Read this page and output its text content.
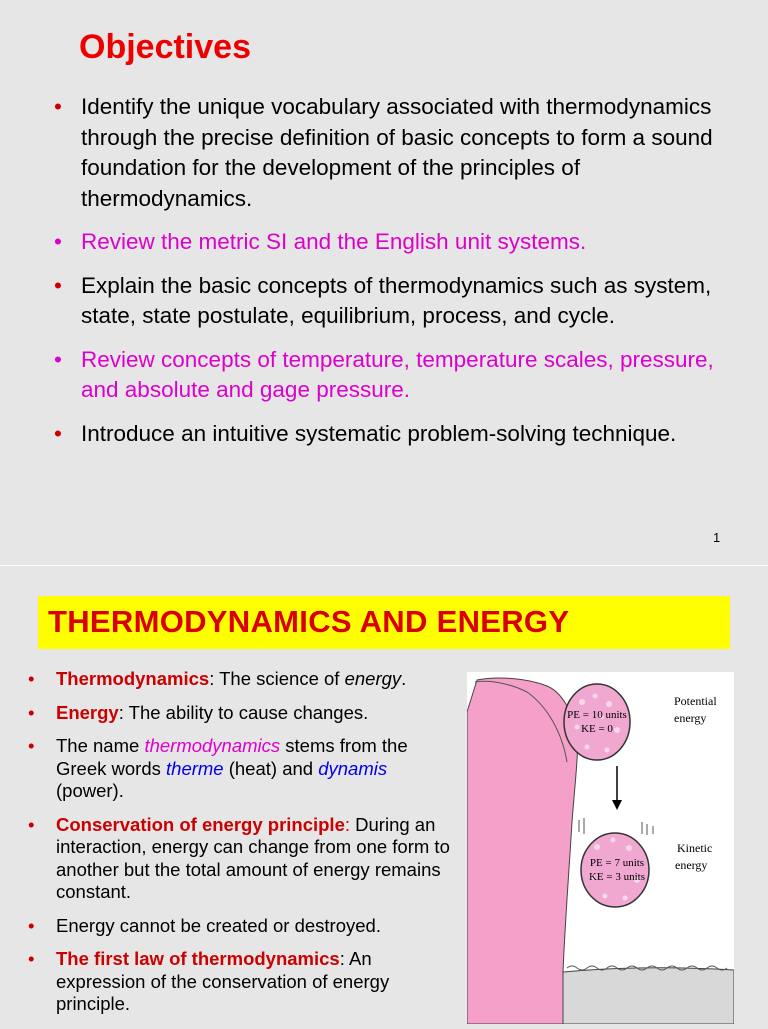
Objectives
• Identify the unique vocabulary associated with thermodynamics through the precise definition of basic concepts to form a sound foundation for the development of the principles of thermodynamics.
• Review the metric SI and the English unit systems.
• Explain the basic concepts of thermodynamics such as system, state, state postulate, equilibrium, process, and cycle.
• Review concepts of temperature, temperature scales, pressure, and absolute and gage pressure.
• Introduce an intuitive systematic problem-solving technique.
1
THERMODYNAMICS AND ENERGY
• Thermodynamics: The science of energy.
• Energy: The ability to cause changes.
• The name thermodynamics stems from the Greek words therme (heat) and dynamis (power).
• Conservation of energy principle: During an interaction, energy can change from one form to another but the total amount of energy remains constant.
• Energy cannot be created or destroyed.
• The first law of thermodynamics: An expression of the conservation of energy principle.
PE = 10 units
KE = 0
Potential
energy
PE = 7 units
KE = 3 units
Kinetic
energy
